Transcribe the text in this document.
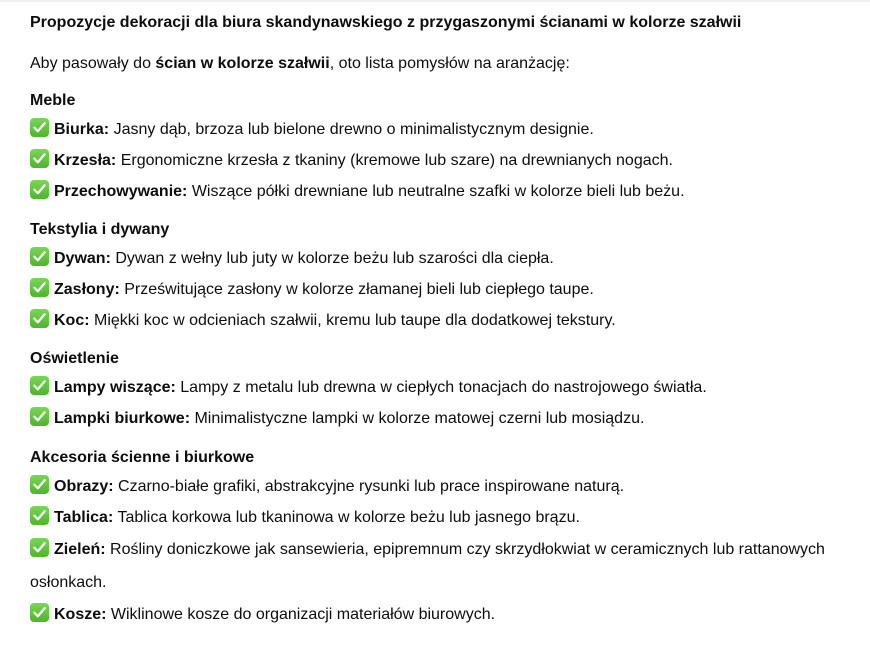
Propozycje dekoracji dla biura skandynawskiego z przygaszonymi ścianami w kolorze szałwii

Aby pasowały do ścian w kolorze szałwii, oto lista pomysłów na aranżację:

Meble

Biurka: Jasny dąb, brzoza lub bielone drewno o minimalistycznym designie.

Krzesła: Ergonomiczne krzesła z tkaniny (kremowe lub szare) na drewnianych nogach.

Przechowywanie: Wiszące półki drewniane lub neutralne szafki w kolorze bieli lub beżu.

Tekstylia i dywany

Dywan: Dywan z wełny lub juty w kolorze beżu lub szarości dla ciepła.

Zasłony: Prześwitujące zasłony w kolorze złamanej bieli lub ciepłego taupe.

Koc: Miękki koc w odcieniach szałwii, kremu lub taupe dla dodatkowej tekstury.

Oświetlenie

Lampy wiszące: Lampy z metalu lub drewna w ciepłych tonacjach do nastrojowego światła.

Lampki biurkowe: Minimalistyczne lampki w kolorze matowej czerni lub mosiądzu.

Akcesoria ścienne i biurkowe

Obrazy: Czarno-białe grafiki, abstrakcyjne rysunki lub prace inspirowane naturą.

Tablica: Tablica korkowa lub tkaninowa w kolorze beżu lub jasnego brązu.

Zieleń: Rośliny doniczkowe jak sansewieria, epipremnum czy skrzydłokwiat w ceramicznych lub rattanowych osłonkach.

Kosze: Wiklinowe kosze do organizacji materiałów biurowych.
